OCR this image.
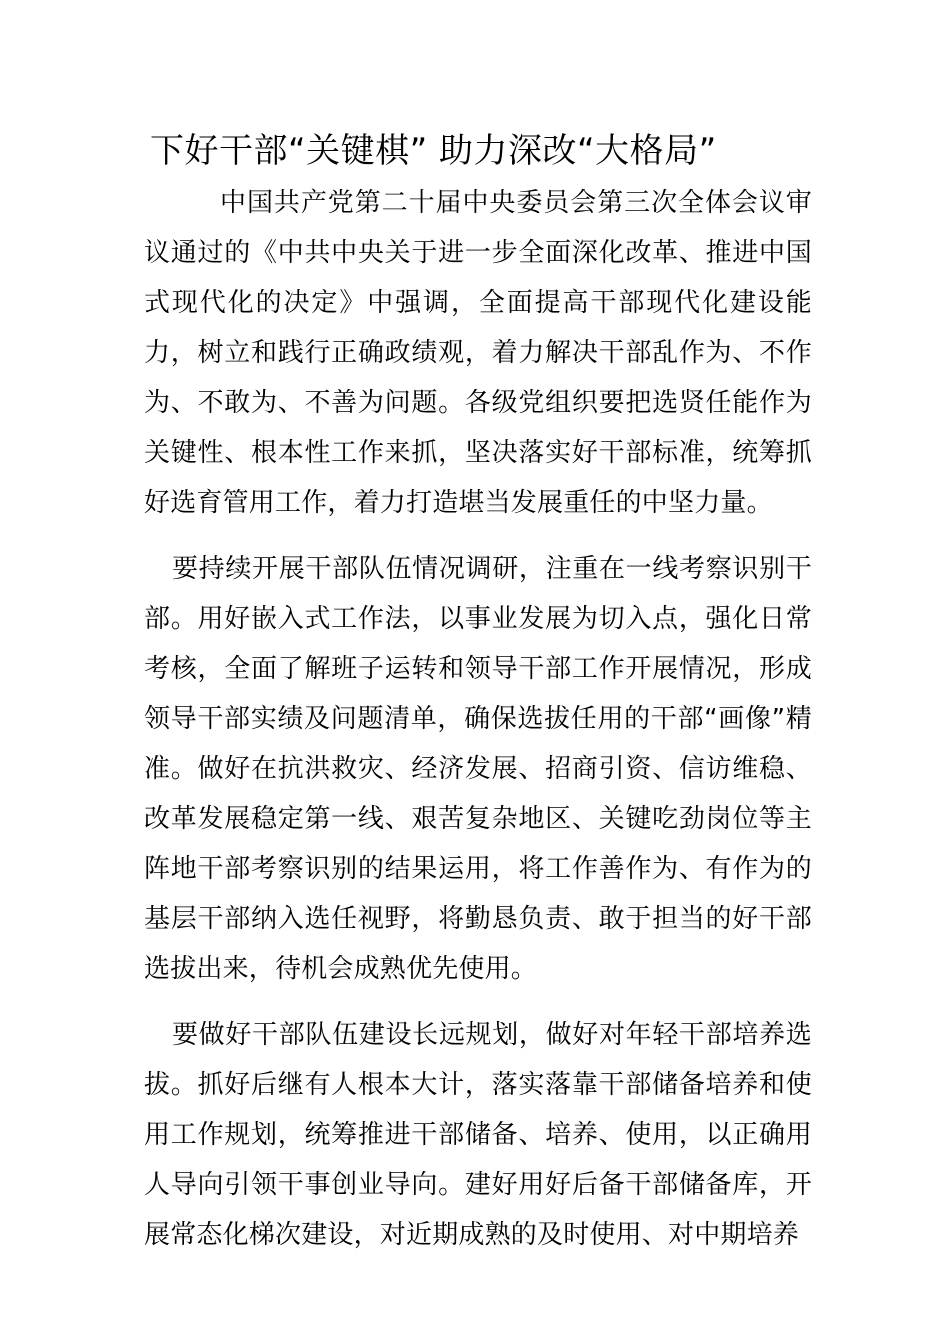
下好干部“关键棋” 助力深改“大格局”

中国共产党第二十届中央委员会第三次全体会议审议通过的《中共中央关于进一步全面深化改革、推进中国式现代化的决定》中强调，全面提高干部现代化建设能力，树立和践行正确政绩观，着力解决干部乱作为、不作为、不敢为、不善为问题。各级党组织要把选贤任能作为关键性、根本性工作来抓，坚决落实好干部标准，统筹抓好选育管用工作，着力打造堪当发展重任的中坚力量。

要持续开展干部队伍情况调研，注重在一线考察识别干部。用好嵌入式工作法，以事业发展为切入点，强化日常考核，全面了解班子运转和领导干部工作开展情况，形成领导干部实绩及问题清单，确保选拔任用的干部“画像”精准。做好在抗洪救灾、经济发展、招商引资、信访维稳、改革发展稳定第一线、艰苦复杂地区、关键吃劲岗位等主阵地干部考察识别的结果运用，将工作善作为、有作为的基层干部纳入选任视野，将勤恳负责、敢于担当的好干部选拔出来，待机会成熟优先使用。

要做好干部队伍建设长远规划，做好对年轻干部培养选拔。抓好后继有人根本大计，落实落靠干部储备培养和使用工作规划，统筹推进干部储备、培养、使用，以正确用人导向引领干事创业导向。建好用好后备干部储备库，开展常态化梯次建设，对近期成熟的及时使用、对中期培养
